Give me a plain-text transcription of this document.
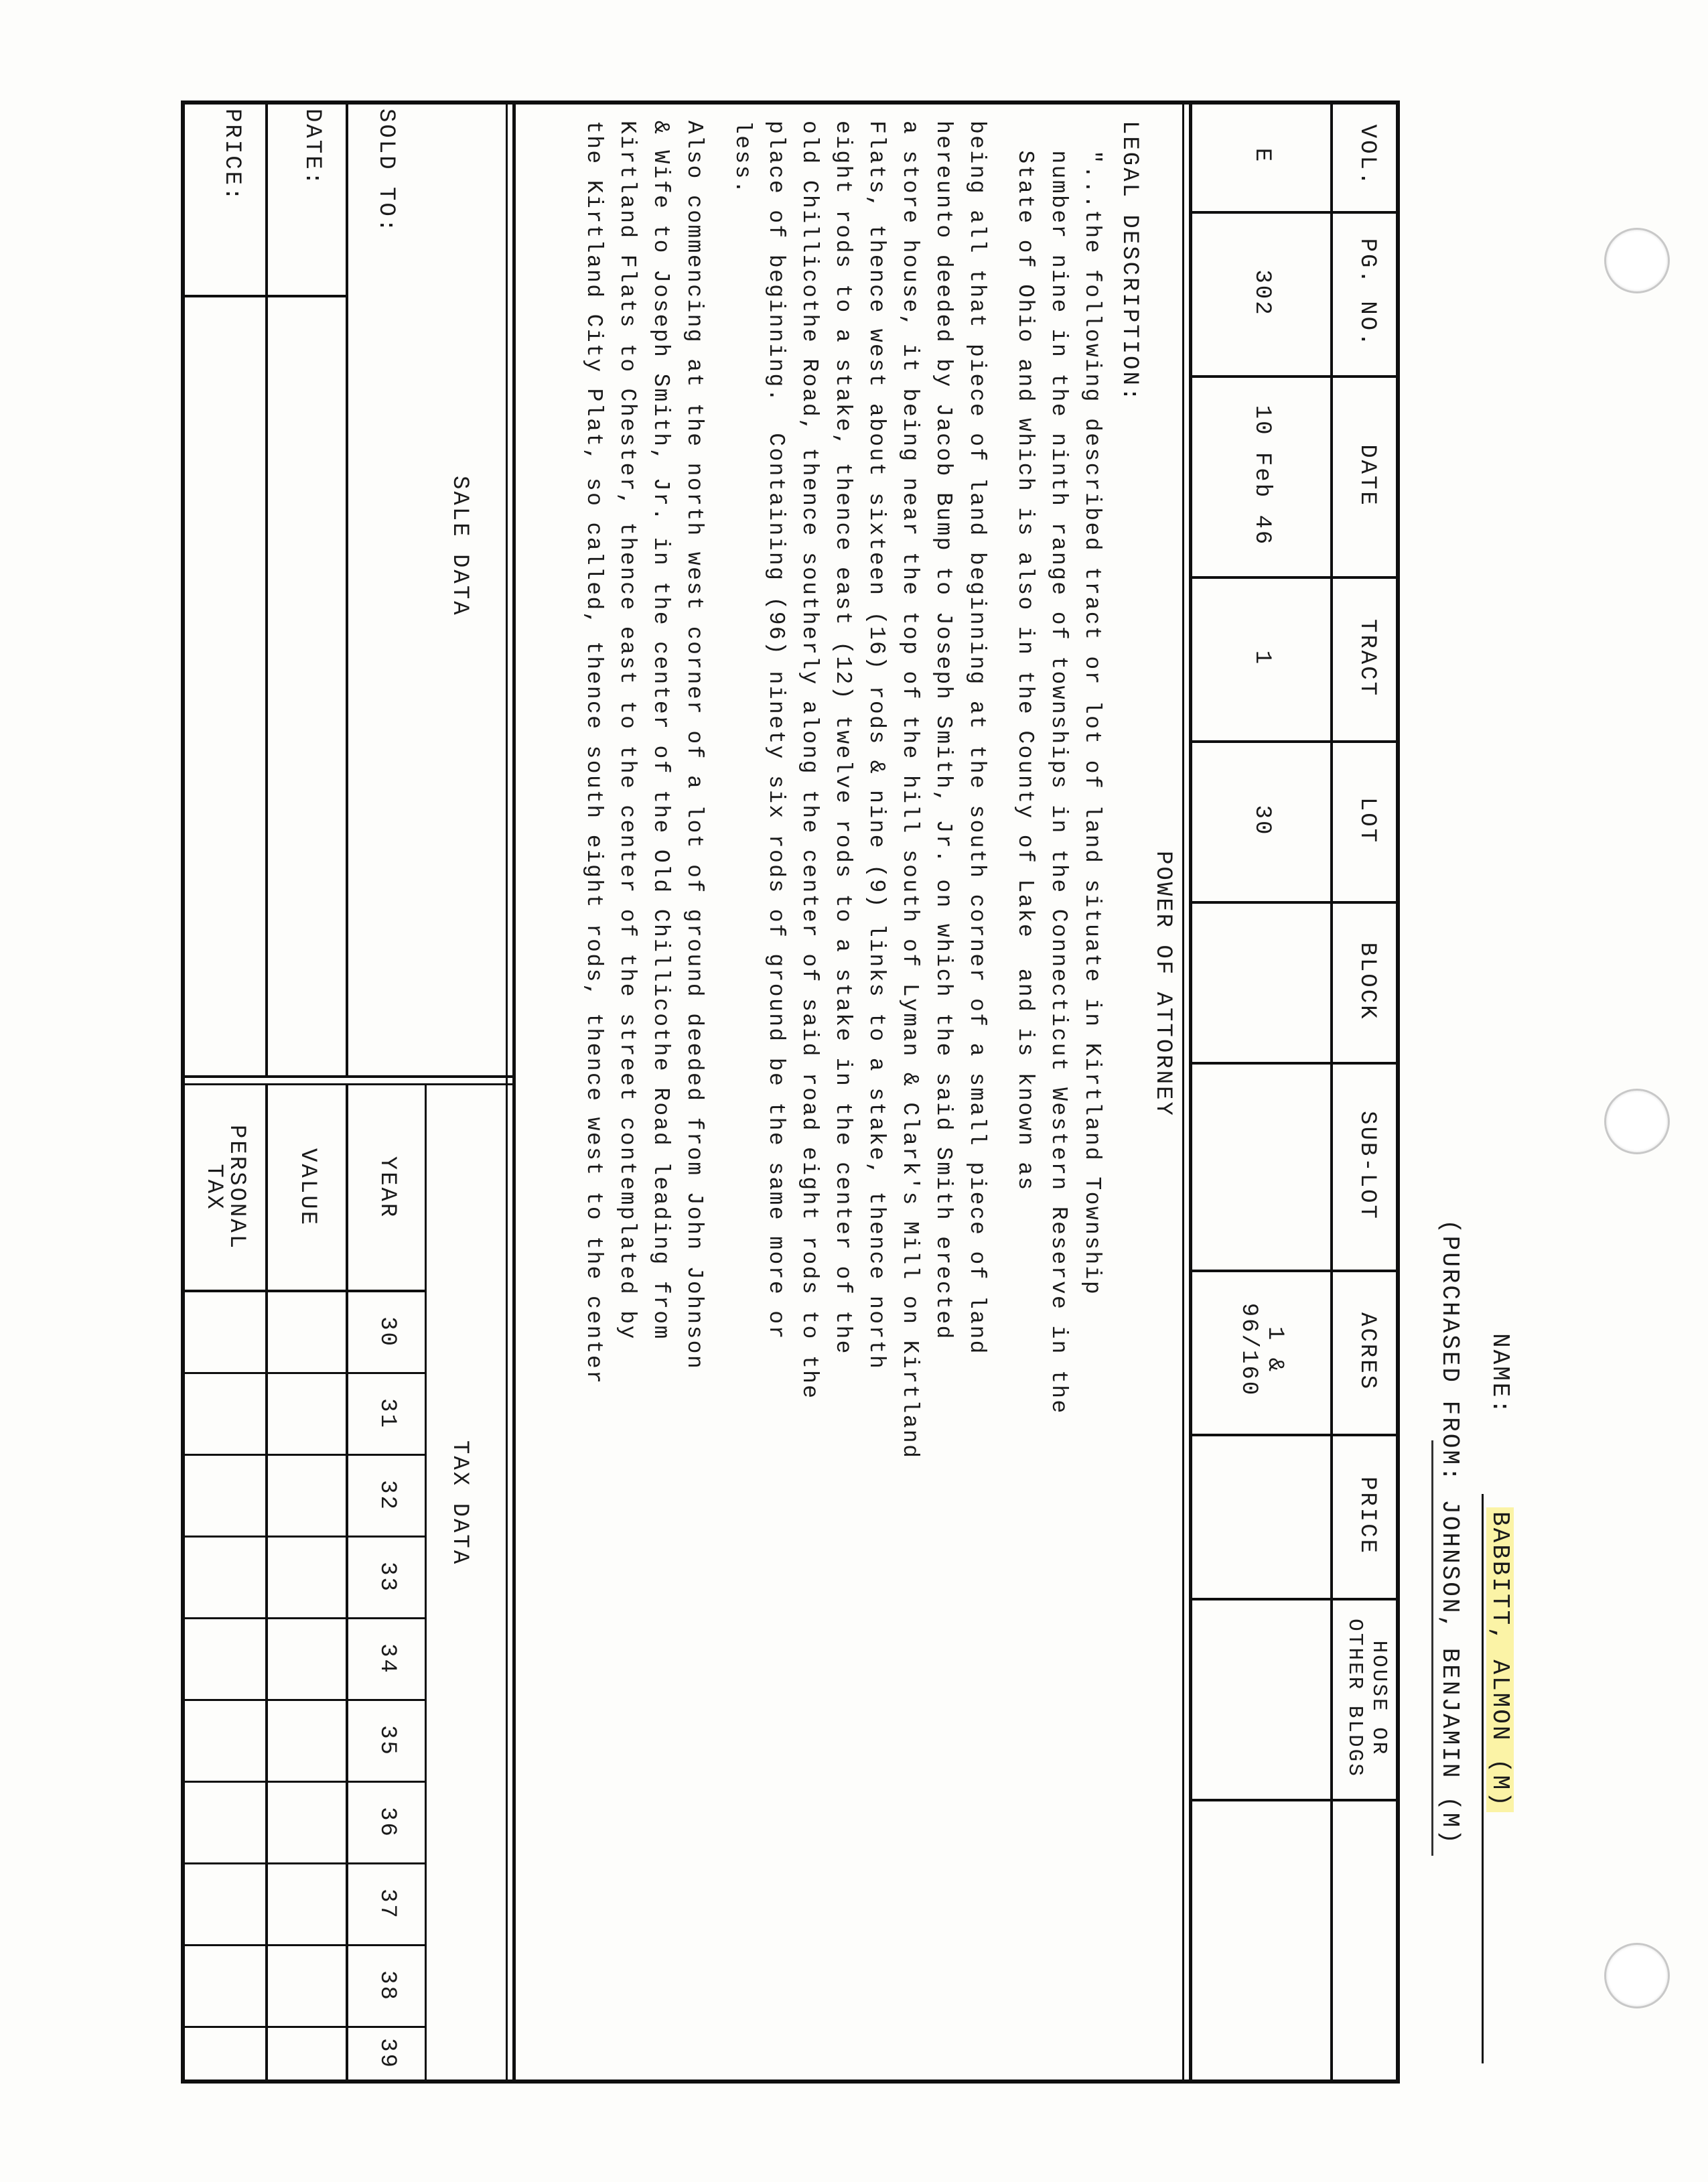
NAME:
BABBITT, ALMON (M)
(PURCHASED FROM: JOHNSON, BENJAMIN (M)
VOL.
PG. NO.
DATE
TRACT
LOT
BLOCK
SUB-LOT
ACRES
PRICE
HOUSE OR OTHER BLDGS
E
302
10 Feb 46
1
30
1 & 96/160
POWER OF ATTORNEY
LEGAL DESCRIPTION:
"...the following described tract or lot of land situate in Kirtland Township
number nine in the ninth range of townships in the Connecticut Western Reserve in the
State of Ohio and which is also in the County of Lake  and is known as
being all that piece of land beginning at the south corner of a small piece of land
hereunto deeded by Jacob Bump to Joseph Smith, Jr. on which the said Smith erected
a store house, it being near the top of the hill south of Lyman & Clark's Mill on Kirtland
Flats, thence west about sixteen (16) rods & nine (9) links to a stake, thence north
eight rods to a stake, thence east (12) twelve rods to a stake in the center of the
old Chillicothe Road, thence southerly along the center of said road eight rods to the
place of beginning.  Containing (96) ninety six rods of ground be the same more or
less.
Also commencing at the north west corner of a lot of ground deeded from John Johnson
& Wife to Joseph Smith, Jr. in the center of the Old Chillicothe Road leading from
Kirtland Flats to Chester, thence east to the center of the street contemplated by
the Kirtland City Plat, so called, thence south eight rods, thence west to the center
SALE DATA
SOLD TO:
DATE:
PRICE:
TAX DATA
YEAR
VALUE
PERSONAL TAX
30
31
32
33
34
35
36
37
38
39
